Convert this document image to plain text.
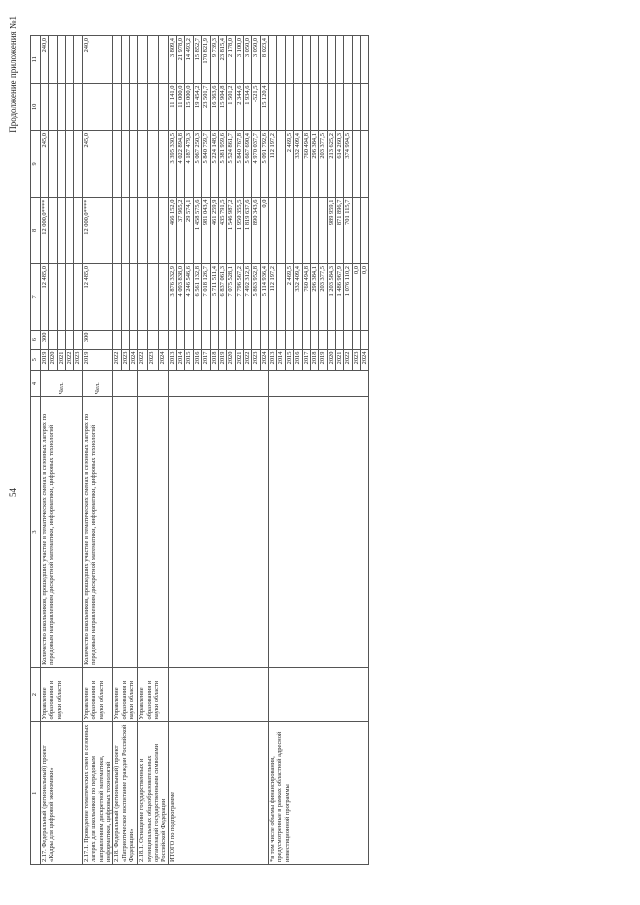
54
Продолжение приложения №1
1	2	3	4	5	6	7	8	9	10	11
2.17. Федеральный (региональный) проект «Кадры для цифровой экономики»	Управление образования и науки области	Количество школьников, прошедших участие в тематических сменах в сезонных лагерях по передовым направлениям дискретной математики, информатики, цифровых технологий	Чел.	2019	300	12 485,0	12 000,0****	245,0		240,0
				2020						
				2021						
				2022						
				2023						
2.17.1. Проведение тематических смен в сезонных лагерях для школьников по передовым направлениям дискретной математики, информатики, цифровых технологий	Управление образования и науки области	Количество школьников, прошедших участие в тематических сменах в сезонных лагерях по передовым направлениям дискретной математики, информатики, цифровых технологий	Чел.	2019	300	12 485,0	12 000,0****	245,0		240,0
2.18. Федеральный (региональный) проект «Патриотическое воспитание граждан Российской Федерации»	Управление образования и науки области			2022						
				2023						
				2024						
2.18.1. Оснащение государственных и муниципальных общеобразовательных организаций государственными символами Российской Федерации	Управление образования и науки области			2022						
				2023						
				2024						
ИТОГО по подпрограмме				2013		3 876 332,9	466 152,0	3 395 330,5	11 141,0	3 809,4
				2014		4 093 838,0	37 965,2	4 022 894,8	11 000,0	21 978,0
				2015		4 246 546,6	29 574,1	4 187 479,3	15 000,0	14 493,2
				2016		6 561 132,8	1 458 575,6	5 067 250,3	19 454,2	15 852,7
				2017		7 018 126,7	981 043,4	5 840 759,7	23 501,7	170 821,9
				2018		5 711 511,4	461 259,9	5 224 148,6	16 363,6	9 739,3
				2019		6 837 061,3	435 791,5	5 381 959,6	15 904,8	23 815,4
				2020		7 075 528,1	1 546 987,2	5 524 861,7	1 501,2	2 178,0
				2021		7 796 567,2	1 950 355,5	5 840 767,8	2 344,6	3 100,0
				2022		7 492 312,6	1 819 637,6	5 667 690,4	1 934,6	3 050,0
				2023		5 863 952,8	890 343,6	4 970 037,7	-521,5	3 050,0
				2024		5 114 936,4	0,0	5 091 792,6	15 120,4	8 023,4
*в том числе объемы финансирования, предусмотренные в рамках областной адресной инвестиционной программы				2013		112 197,2		112 197,2		
				2014						
				2015		2 469,5		2 469,5		
				2016		332 409,4		332 409,4		
				2017		760 494,8		760 494,8		
				2018		296 384,1		296 384,1		
				2019		203 377,5		203 377,5		
				2020		1 203 584,3	989 959,1	213 625,2		
				2021		1 486 967,9	871 896,7	614 260,3		
				2022		1 076 110,2	701 115,7	374 994,5		
				2023		0,0				
				2024		0,0				
